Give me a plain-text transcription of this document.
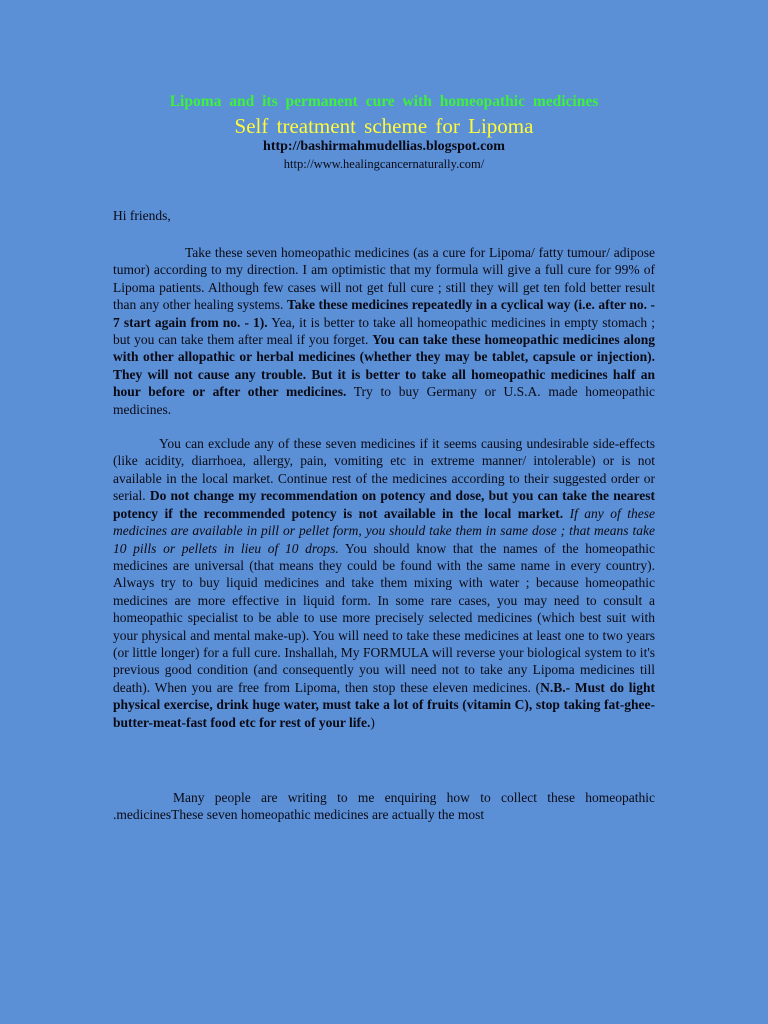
Lipoma and its permanent cure with homeopathic medicines

Self treatment scheme for Lipoma

http://bashirmahmudellias.blogspot.com

http://www.healingcancernaturally.com/

Hi friends,

Take these seven homeopathic medicines (as a cure for Lipoma/ fatty tumour/ adipose tumor) according to my direction. I am optimistic that my formula will give a full cure for 99% of Lipoma patients. Although few cases will not get full cure ; still they will get ten fold better result than any other healing systems. Take these medicines repeatedly in a cyclical way (i.e. after no. - 7 start again from no. - 1). Yea, it is better to take all homeopathic medicines in empty stomach ; but you can take them after meal if you forget. You can take these homeopathic medicines along with other allopathic or herbal medicines (whether they may be tablet, capsule or injection). They will not cause any trouble. But it is better to take all homeopathic medicines half an hour before or after other medicines. Try to buy Germany or U.S.A. made homeopathic medicines.

You can exclude any of these seven medicines if it seems causing undesirable side-effects (like acidity, diarrhoea, allergy, pain, vomiting etc in extreme manner/ intolerable) or is not available in the local market. Continue rest of the medicines according to their suggested order or serial. Do not change my recommendation on potency and dose, but you can take the nearest potency if the recommended potency is not available in the local market. If any of these medicines are available in pill or pellet form, you should take them in same dose ; that means take 10 pills or pellets in lieu of 10 drops. You should know that the names of the homeopathic medicines are universal (that means they could be found with the same name in every country). Always try to buy liquid medicines and take them mixing with water ; because homeopathic medicines are more effective in liquid form. In some rare cases, you may need to consult a homeopathic specialist to be able to use more precisely selected medicines (which best suit with your physical and mental make-up). You will need to take these medicines at least one to two years (or little longer) for a full cure. Inshallah, My FORMULA will reverse your biological system to it's previous good condition (and consequently you will need not to take any Lipoma medicines till death). When you are free from Lipoma, then stop these eleven medicines. (N.B.- Must do light physical exercise, drink huge water, must take a lot of fruits (vitamin C), stop taking fat-ghee-butter-meat-fast food etc for rest of your life.)

Many people are writing to me enquiring how to collect these homeopathic .medicinesThese seven homeopathic medicines are actually the most
